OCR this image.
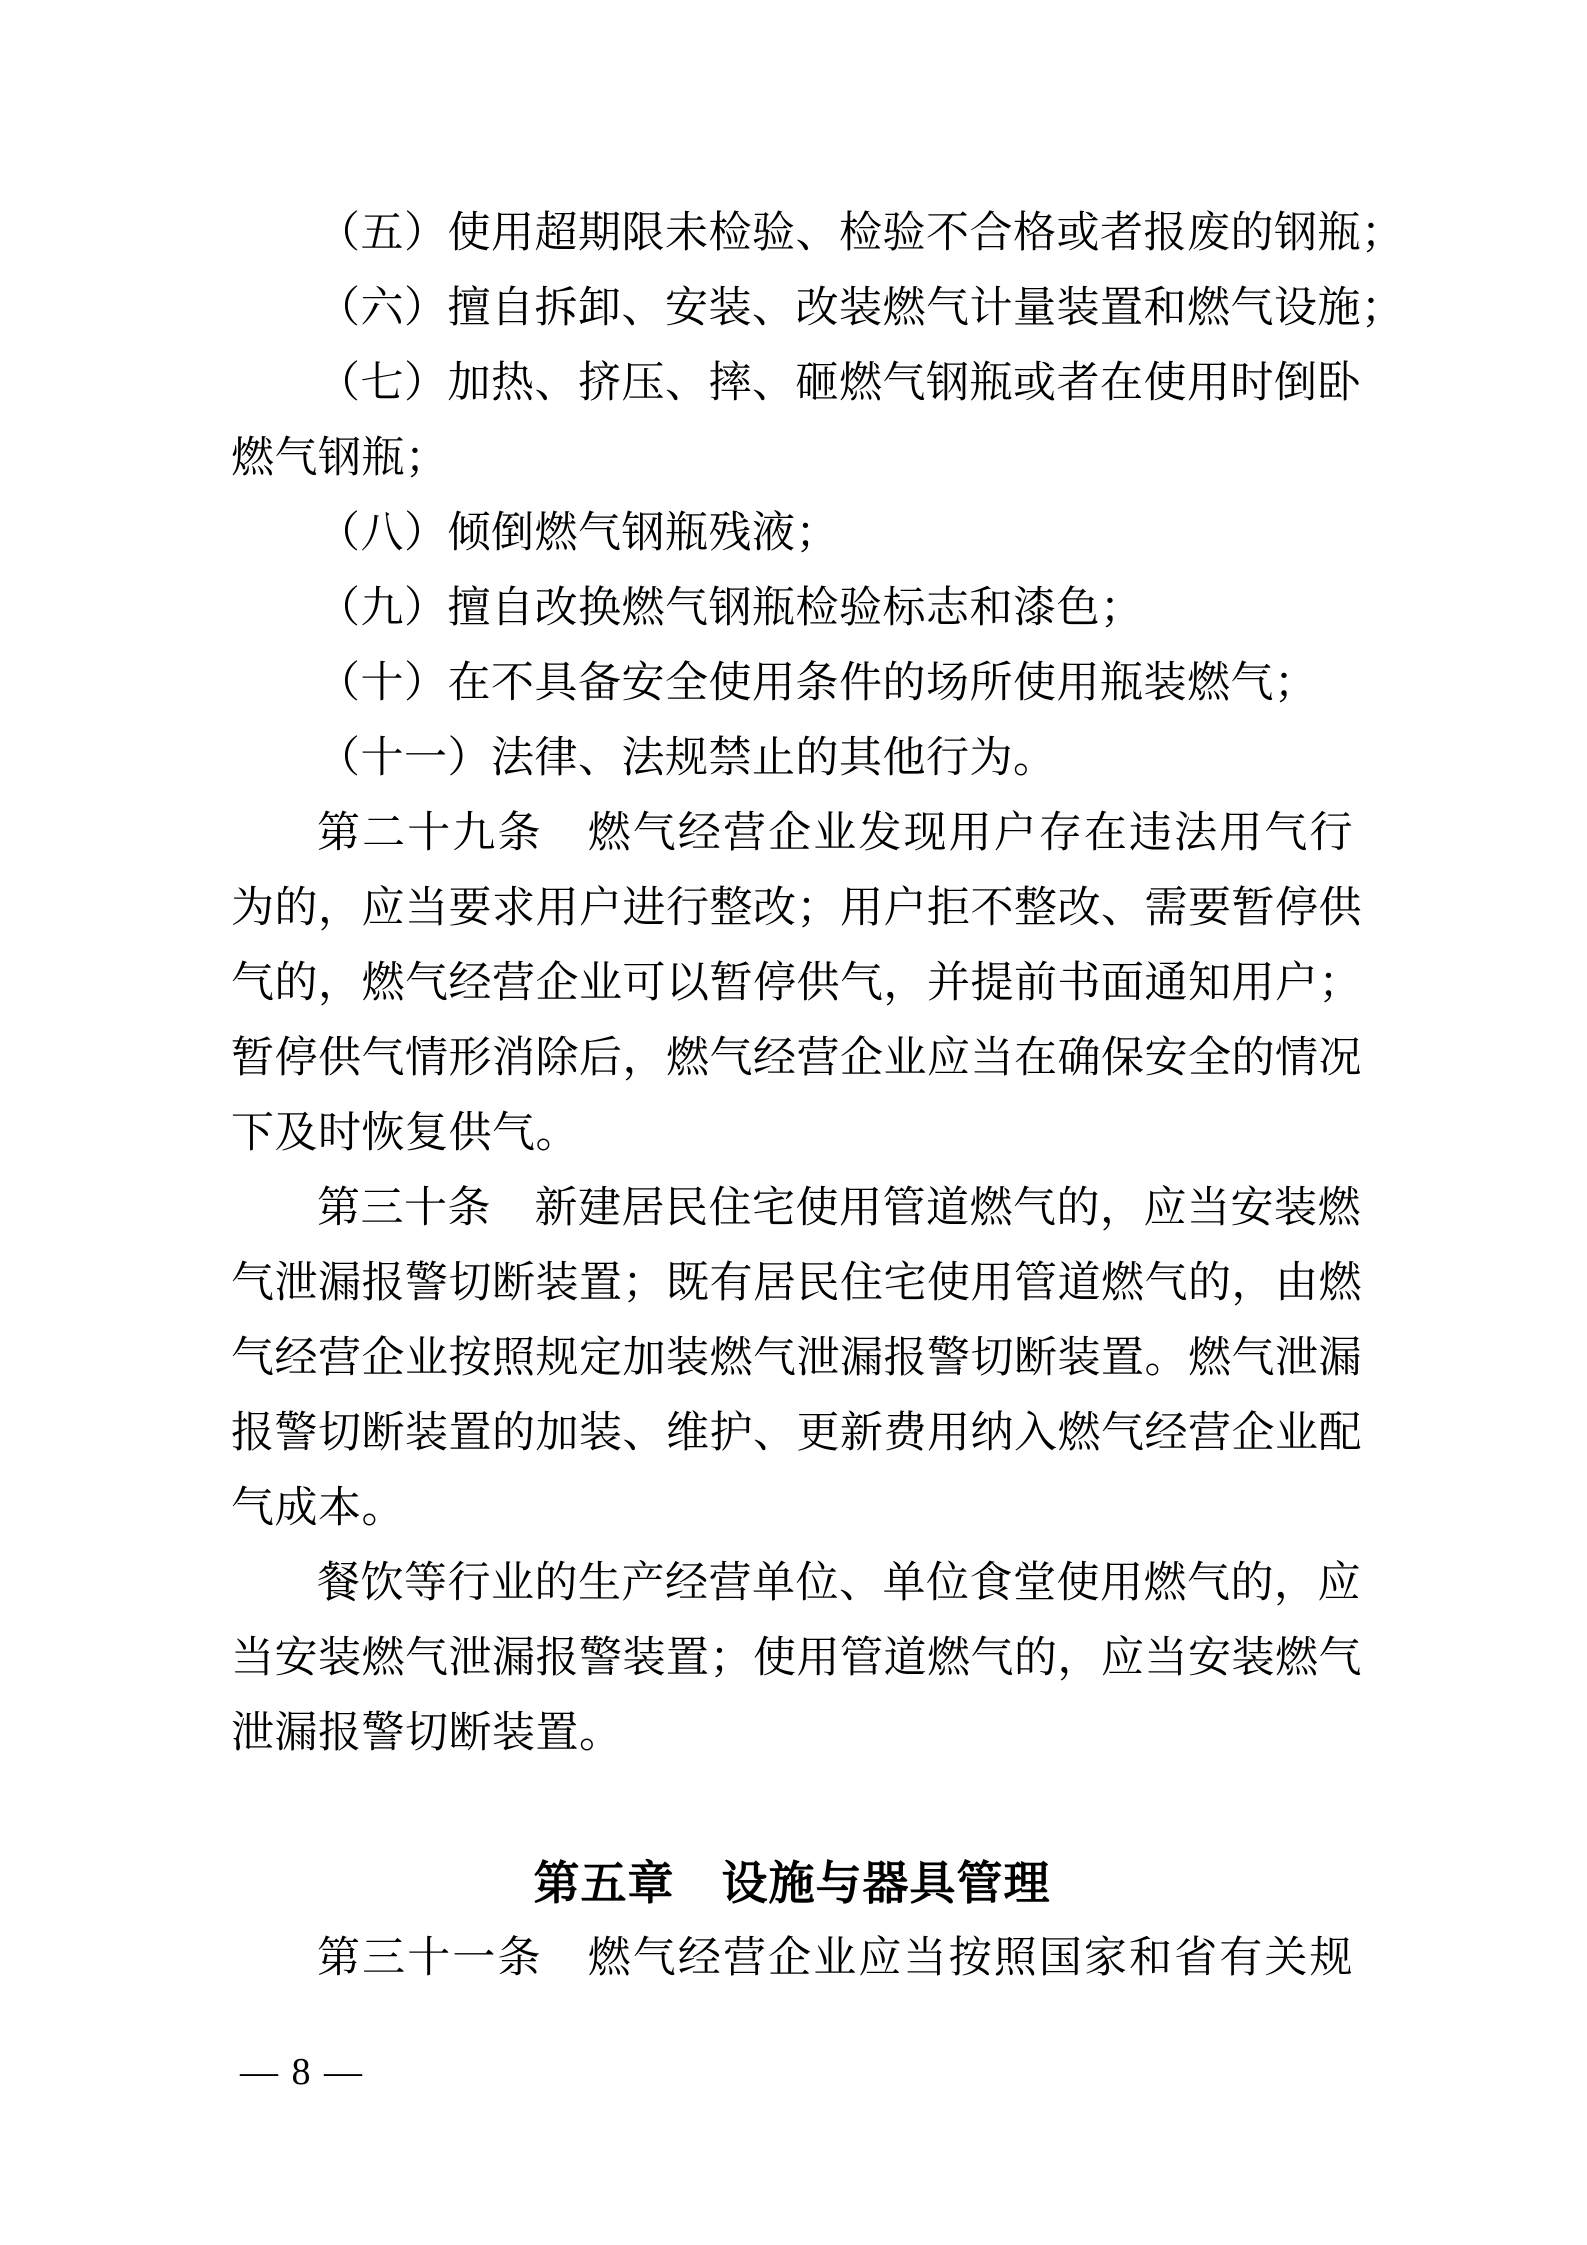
（五）使用超期限未检验、检验不合格或者报废的钢瓶；
（六）擅自拆卸、安装、改装燃气计量装置和燃气设施；
（七）加热、挤压、摔、砸燃气钢瓶或者在使用时倒卧
燃气钢瓶；
（八）倾倒燃气钢瓶残液；
（九）擅自改换燃气钢瓶检验标志和漆色；
（十）在不具备安全使用条件的场所使用瓶装燃气；
（十一）法律、法规禁止的其他行为。
第二十九条　燃气经营企业发现用户存在违法用气行
为的，应当要求用户进行整改；用户拒不整改、需要暂停供
气的，燃气经营企业可以暂停供气，并提前书面通知用户；
暂停供气情形消除后，燃气经营企业应当在确保安全的情况
下及时恢复供气。
第三十条　新建居民住宅使用管道燃气的，应当安装燃
气泄漏报警切断装置；既有居民住宅使用管道燃气的，由燃
气经营企业按照规定加装燃气泄漏报警切断装置。燃气泄漏
报警切断装置的加装、维护、更新费用纳入燃气经营企业配
气成本。
餐饮等行业的生产经营单位、单位食堂使用燃气的，应
当安装燃气泄漏报警装置；使用管道燃气的，应当安装燃气
泄漏报警切断装置。
第五章　设施与器具管理
第三十一条　燃气经营企业应当按照国家和省有关规
— 8 —
